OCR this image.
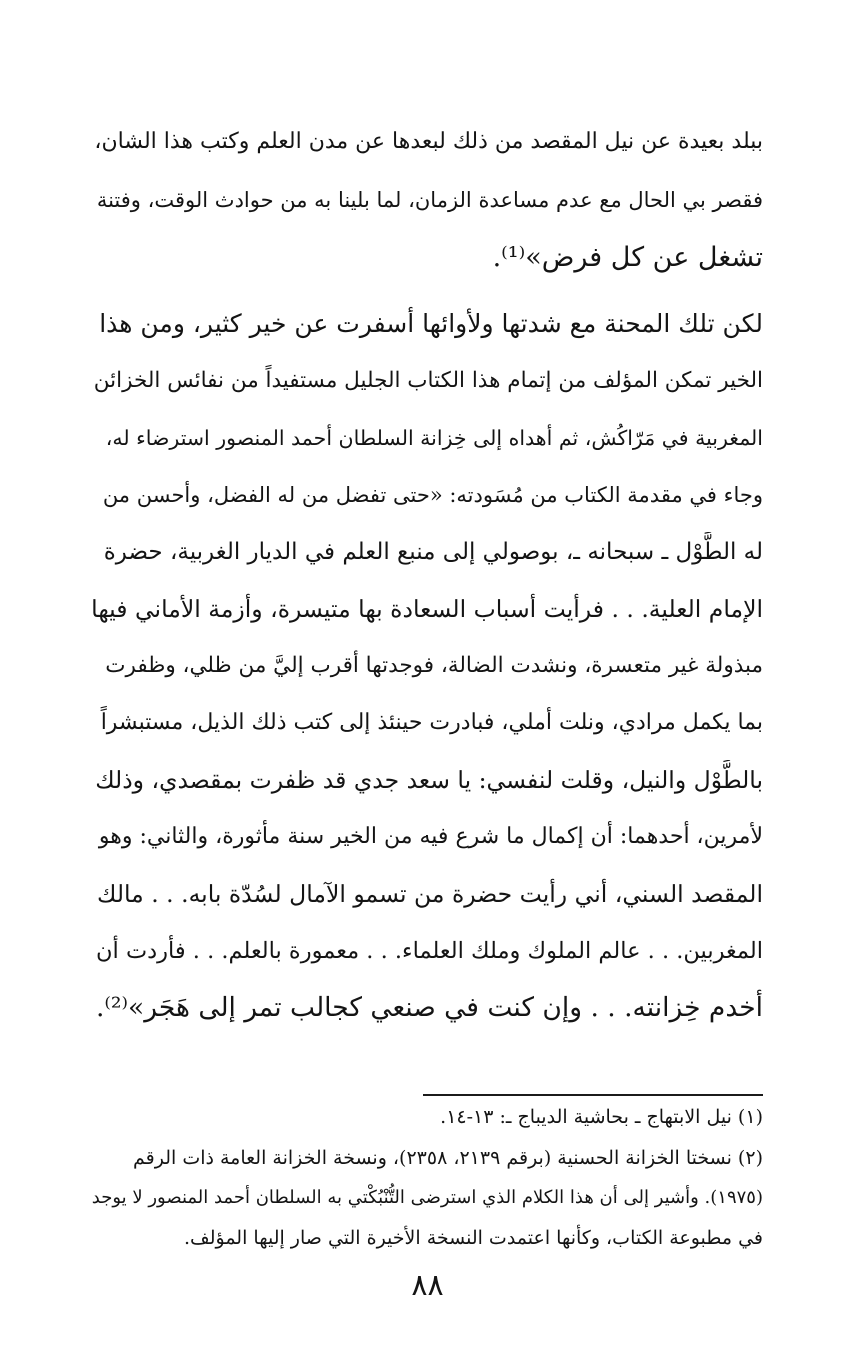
ببلد بعيدة عن نيل المقصد من ذلك لبعدها عن مدن العلم وكتب هذا الشان،
فقصر بي الحال مع عدم مساعدة الزمان، لما بلينا به من حوادث الوقت، وفتنة
تشغل عن كل فرض»⁽¹⁾.
لكن تلك المحنة مع شدتها ولأوائها أسفرت عن خير كثير، ومن هذا
الخير تمكن المؤلف من إتمام هذا الكتاب الجليل مستفيداً من نفائس الخزائن
المغربية في مَرّاكُش، ثم أهداه إلى خِزانة السلطان أحمد المنصور استرضاء له،
وجاء في مقدمة الكتاب من مُسَودته: «حتى تفضل من له الفضل، وأحسن من
له الطَّوْل ـ سبحانه ـ، بوصولي إلى منبع العلم في الديار الغربية، حضرة
الإمام العلية. . . فرأيت أسباب السعادة بها متيسرة، وأزمة الأماني فيها
مبذولة غير متعسرة، ونشدت الضالة، فوجدتها أقرب إليَّ من ظلي، وظفرت
بما يكمل مرادي، ونلت أملي، فبادرت حينئذ إلى كتب ذلك الذيل، مستبشراً
بالطَّوْل والنيل، وقلت لنفسي: يا سعد جدي قد ظفرت بمقصدي، وذلك
لأمرين، أحدهما: أن إكمال ما شرع فيه من الخير سنة مأثورة، والثاني: وهو
المقصد السني، أني رأيت حضرة من تسمو الآمال لسُدّة بابه. . . مالك
المغربين. . . عالم الملوك وملك العلماء. . . معمورة بالعلم. . . فأردت أن
أخدم خِزانته. . . وإن كنت في صنعي كجالب تمر إلى هَجَر»⁽²⁾.
(١) نيل الابتهاج ـ بحاشية الديباج ـ: ١٣-١٤.
(٢) نسختا الخزانة الحسنية (برقم ٢١٣٩، ٢٣٥٨)، ونسخة الخزانة العامة ذات الرقم
(١٩٧٥). وأشير إلى أن هذا الكلام الذي استرضى التُّنْبُكْتي به السلطان أحمد المنصور لا يوجد
في مطبوعة الكتاب، وكأنها اعتمدت النسخة الأخيرة التي صار إليها المؤلف.
٨٨
